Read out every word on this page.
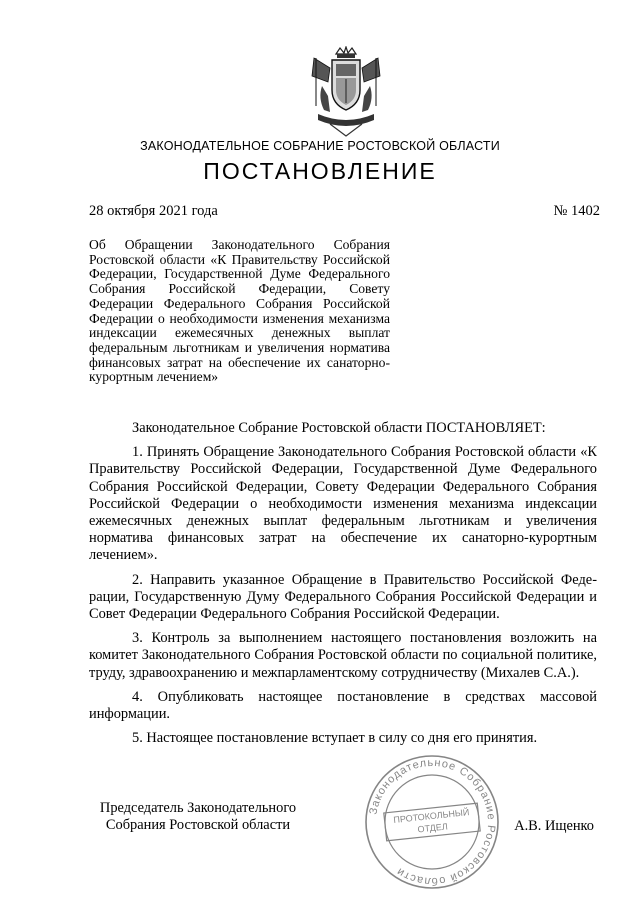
ЗАКОНОДАТЕЛЬНОЕ СОБРАНИЕ РОСТОВСКОЙ ОБЛАСТИ
ПОСТАНОВЛЕНИЕ
28 октября 2021 года	№ 1402
Об Обращении Законодательного Собрания Ростовской области «К Правительству Российской Федерации, Государственной Думе Федерального Собрания Российской Федерации, Совету Федерации Федерального Собрания Российской Федерации о необходимости изменения механизма индексации ежемесячных денежных выплат федеральным льготникам и увеличения норматива финансовых затрат на обеспечение их санаторно-курортным лечением»

Законодательное Собрание Ростовской области ПОСТАНОВЛЯЕТ:

1. Принять Обращение Законодательного Собрания Ростовской области «К Правительству Российской Федерации, Государственной Думе Федерального Собрания Российской Федерации, Совету Федерации Федерального Собрания Российской Федерации о необходимости изменения механизма индексации ежемесячных денежных выплат федеральным льготникам и увеличения норматива финансовых затрат на обеспечение их санаторно-курортным лечением».

2. Направить указанное Обращение в Правительство Российской Федерации, Государственную Думу Федерального Собрания Российской Федерации и Совет Федерации Федерального Собрания Российской Федерации.

3. Контроль за выполнением настоящего постановления возложить на комитет Законодательного Собрания Ростовской области по социальной политике, труду, здравоохранению и межпарламентскому сотрудничеству (Михалев С.А.).

4. Опубликовать настоящее постановление в средствах массовой информации.

5. Настоящее постановление вступает в силу со дня его принятия.

Председатель Законодательного
Собрания Ростовской области	А.В. Ищенко
Законодательное Собрание Ростовской области
ПРОТОКОЛЬНЫЙ
ОТДЕЛ
